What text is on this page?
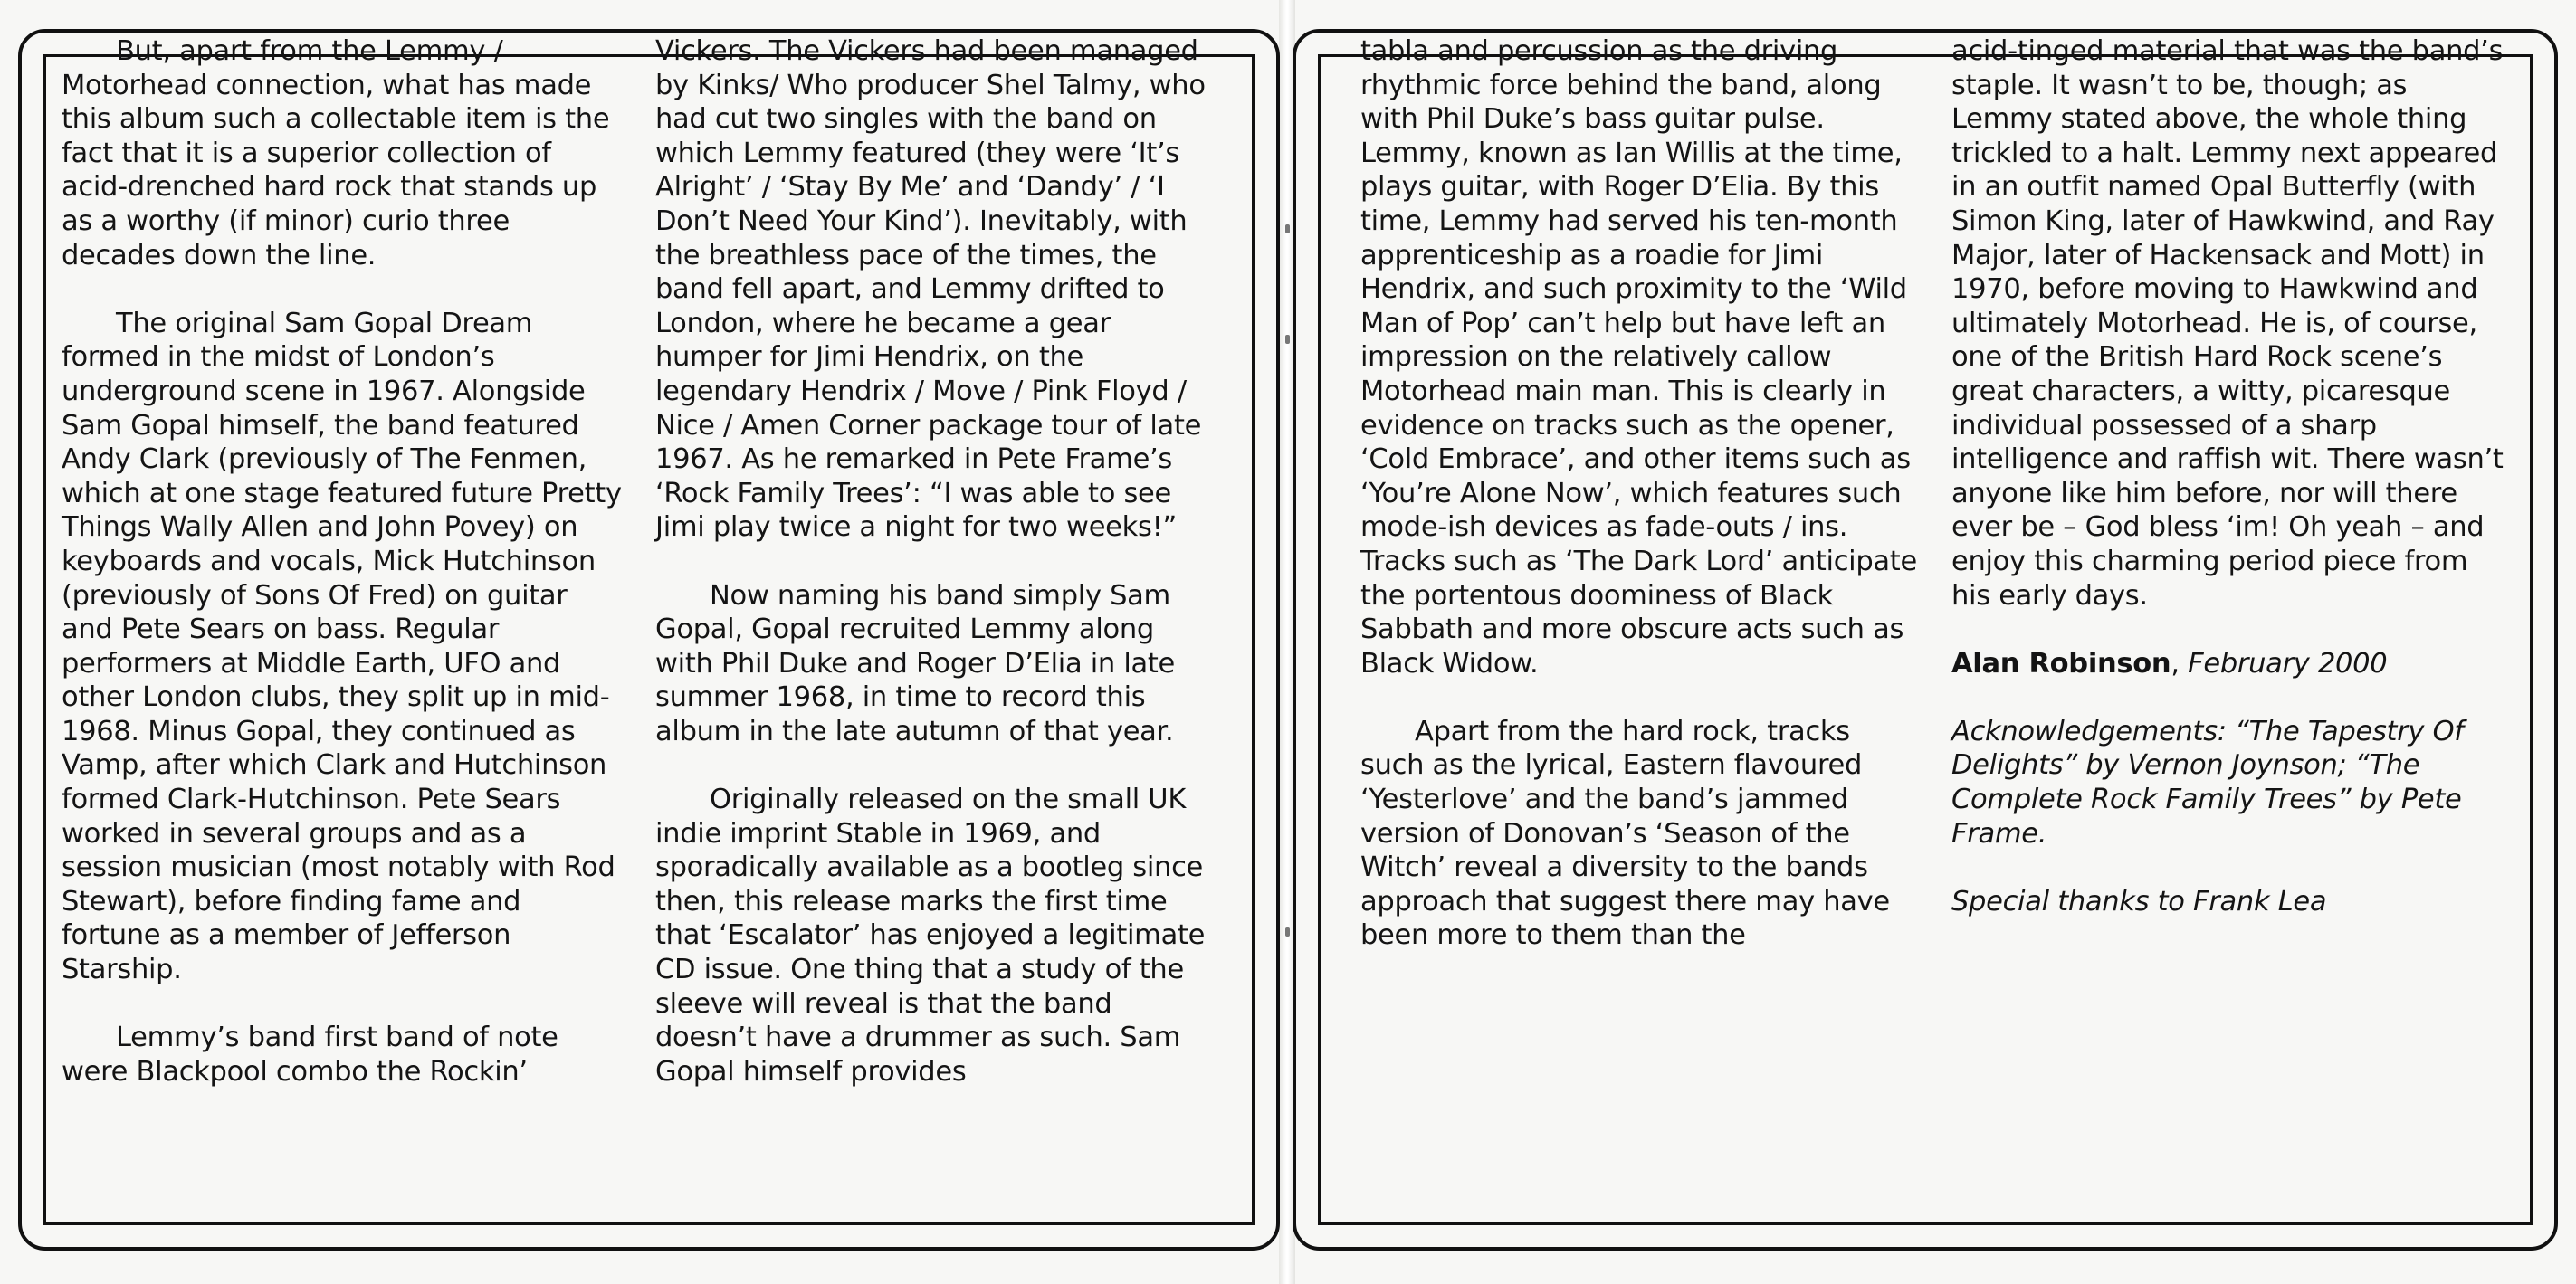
But, apart from the Lemmy / Motorhead connection, what has made this album such a collectable item is the fact that it is a superior collection of acid-drenched hard rock that stands up as a worthy (if minor) curio three decades down the line.

The original Sam Gopal Dream formed in the midst of London’s underground scene in 1967. Alongside Sam Gopal himself, the band featured Andy Clark (previously of The Fenmen, which at one stage featured future Pretty Things Wally Allen and John Povey) on keyboards and vocals, Mick Hutchinson (previously of Sons Of Fred) on guitar and Pete Sears on bass. Regular performers at Middle Earth, UFO and other London clubs, they split up in mid-1968. Minus Gopal, they continued as Vamp, after which Clark and Hutchinson formed Clark-Hutchinson. Pete Sears worked in several groups and as a session musician (most notably with Rod Stewart), before finding fame and fortune as a member of Jefferson Starship.

Lemmy’s band first band of note were Blackpool combo the Rockin’

Vickers. The Vickers had been managed by Kinks/ Who producer Shel Talmy, who had cut two singles with the band on which Lemmy featured (they were ‘It’s Alright’ / ‘Stay By Me’ and ‘Dandy’ / ‘I Don’t Need Your Kind’). Inevitably, with the breathless pace of the times, the band fell apart, and Lemmy drifted to London, where he became a gear humper for Jimi Hendrix, on the legendary Hendrix / Move / Pink Floyd / Nice / Amen Corner package tour of late 1967. As he remarked in Pete Frame’s ‘Rock Family Trees’: “I was able to see Jimi play twice a night for two weeks!”

Now naming his band simply Sam Gopal, Gopal recruited Lemmy along with Phil Duke and Roger D’Elia in late summer 1968, in time to record this album in the late autumn of that year.

Originally released on the small UK indie imprint Stable in 1969, and sporadically available as a bootleg since then, this release marks the first time that ‘Escalator’ has enjoyed a legitimate CD issue. One thing that a study of the sleeve will reveal is that the band doesn’t have a drummer as such. Sam Gopal himself provides

tabla and percussion as the driving rhythmic force behind the band, along with Phil Duke’s bass guitar pulse. Lemmy, known as Ian Willis at the time, plays guitar, with Roger D’Elia. By this time, Lemmy had served his ten-month apprenticeship as a roadie for Jimi Hendrix, and such proximity to the ‘Wild Man of Pop’ can’t help but have left an impression on the relatively callow Motorhead main man. This is clearly in evidence on tracks such as the opener, ‘Cold Embrace’, and other items such as ‘You’re Alone Now’, which features such mode-ish devices as fade-outs / ins. Tracks such as ‘The Dark Lord’ anticipate the portentous doominess of Black Sabbath and more obscure acts such as Black Widow.

Apart from the hard rock, tracks such as the lyrical, Eastern flavoured ‘Yesterlove’ and the band’s jammed version of Donovan’s ‘Season of the Witch’ reveal a diversity to the bands approach that suggest there may have been more to them than the

acid-tinged material that was the band’s staple. It wasn’t to be, though; as Lemmy stated above, the whole thing trickled to a halt. Lemmy next appeared in an outfit named Opal Butterfly (with Simon King, later of Hawkwind, and Ray Major, later of Hackensack and Mott) in 1970, before moving to Hawkwind and ultimately Motorhead. He is, of course, one of the British Hard Rock scene’s great characters, a witty, picaresque individual possessed of a sharp intelligence and raffish wit. There wasn’t anyone like him before, nor will there ever be – God bless ‘im! Oh yeah – and enjoy this charming period piece from his early days.

Alan Robinson, February 2000

Acknowledgements: “The Tapestry Of Delights” by Vernon Joynson; “The Complete Rock Family Trees” by Pete Frame.

Special thanks to Frank Lea
